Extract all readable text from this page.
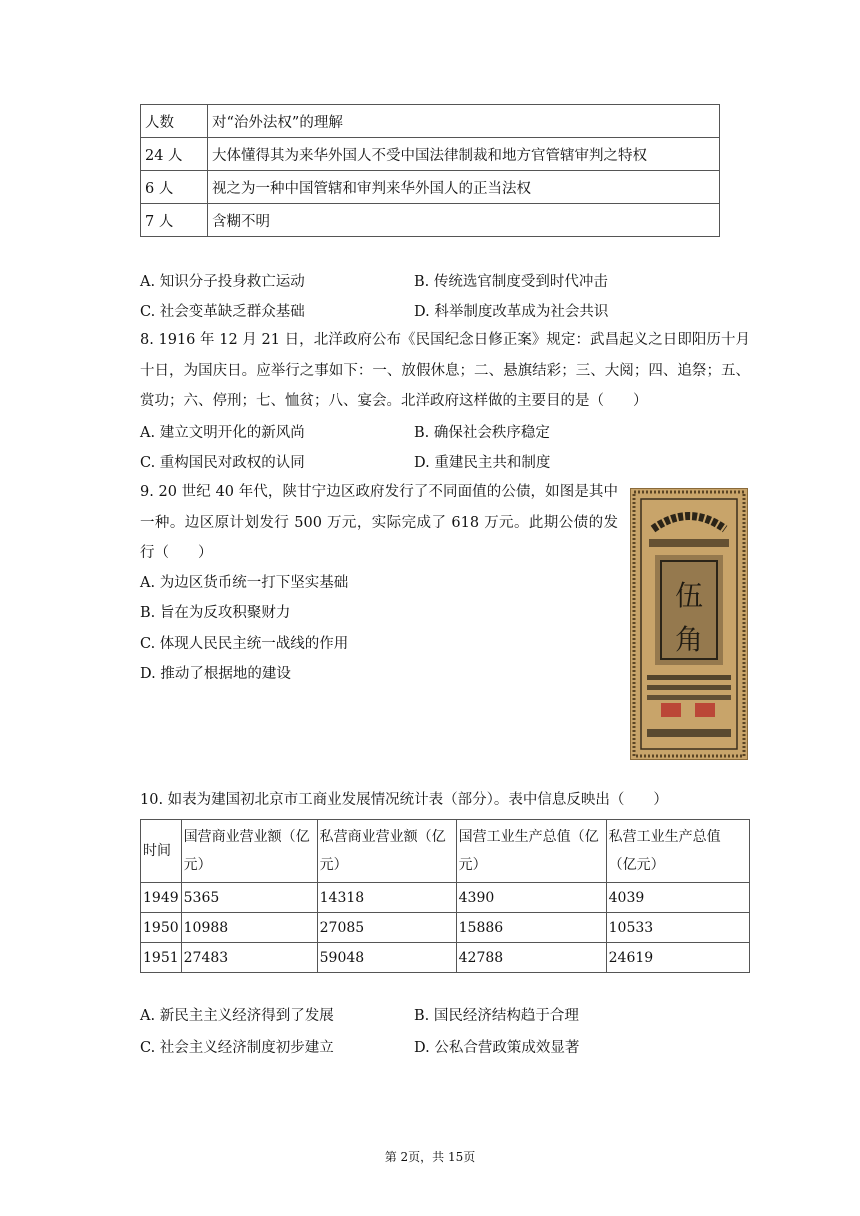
人数	对“治外法权”的理解
24 人	大体懂得其为来华外国人不受中国法律制裁和地方官管辖审判之特权
6 人	视之为一种中国管辖和审判来华外国人的正当法权
7 人	含糊不明
A. 知识分子投身救亡运动	B. 传统选官制度受到时代冲击
C. 社会变革缺乏群众基础	D. 科举制度改革成为社会共识
8. 1916 年 12 月 21 日，北洋政府公布《民国纪念日修正案》规定：武昌起义之日即阳历十月十日，为国庆日。应举行之事如下：一、放假休息；二、悬旗结彩；三、大阅；四、追祭；五、赏功；六、停刑；七、恤贫；八、宴会。北洋政府这样做的主要目的是（　　）
A. 建立文明开化的新风尚	B. 确保社会秩序稳定
C. 重构国民对政权的认同	D. 重建民主共和制度
9. 20 世纪 40 年代，陕甘宁边区政府发行了不同面值的公债，如图是其中一种。边区原计划发行 500 万元，实际完成了 618 万元。此期公债的发行（　　）
A. 为边区货币统一打下坚实基础
B. 旨在为反攻积聚财力
C. 体现人民民主统一战线的作用
D. 推动了根据地的建设
伍
角
10. 如表为建国初北京市工商业发展情况统计表（部分）。表中信息反映出（　　）
时间	国营商业营业额（亿元）	私营商业营业额（亿元）	国营工业生产总值（亿元）	私营工业生产总值（亿元）
1949	5365	14318	4390	4039
1950	10988	27085	15886	10533
1951	27483	59048	42788	24619
A. 新民主主义经济得到了发展	B. 国民经济结构趋于合理
C. 社会主义经济制度初步建立	D. 公私合营政策成效显著
第 2页，共 15页
